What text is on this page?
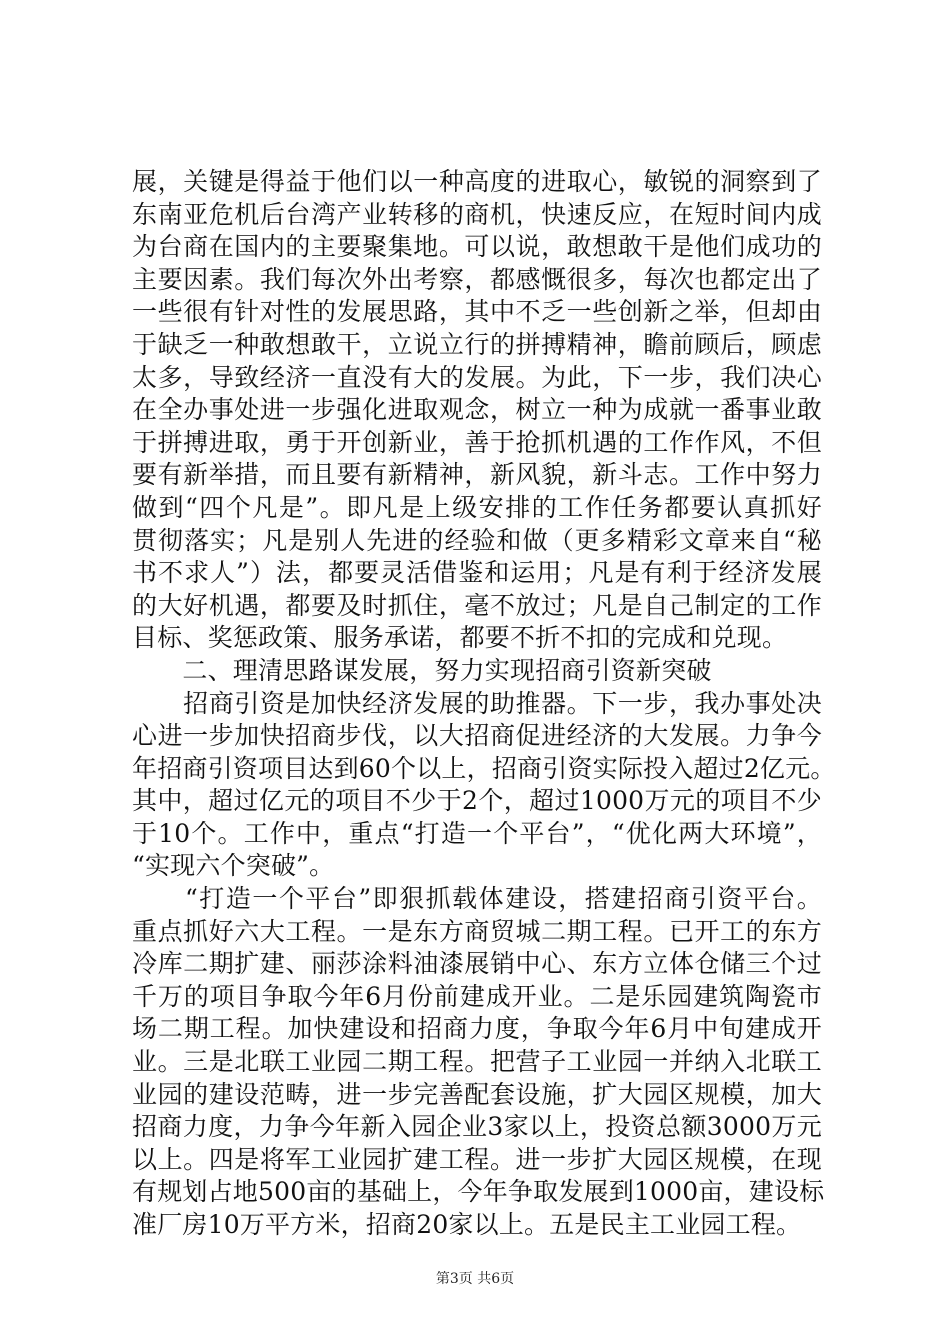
展，关键是得益于他们以一种高度的进取心，敏锐的洞察到了
东南亚危机后台湾产业转移的商机，快速反应，在短时间内成
为台商在国内的主要聚集地。可以说，敢想敢干是他们成功的
主要因素。我们每次外出考察，都感慨很多，每次也都定出了
一些很有针对性的发展思路，其中不乏一些创新之举，但却由
于缺乏一种敢想敢干，立说立行的拼搏精神，瞻前顾后，顾虑
太多，导致经济一直没有大的发展。为此，下一步，我们决心
在全办事处进一步强化进取观念，树立一种为成就一番事业敢
于拼搏进取，勇于开创新业，善于抢抓机遇的工作作风，不但
要有新举措，而且要有新精神，新风貌，新斗志。工作中努力
做到“四个凡是”。即凡是上级安排的工作任务都要认真抓好
贯彻落实；凡是别人先进的经验和做（更多精彩文章来自“秘
书不求人”）法，都要灵活借鉴和运用；凡是有利于经济发展
的大好机遇，都要及时抓住，毫不放过；凡是自己制定的工作
目标、奖惩政策、服务承诺，都要不折不扣的完成和兑现。
　　二、理清思路谋发展，努力实现招商引资新突破
　　招商引资是加快经济发展的助推器。下一步，我办事处决
心进一步加快招商步伐，以大招商促进经济的大发展。力争今
年招商引资项目达到60个以上，招商引资实际投入超过2亿元。
其中，超过亿元的项目不少于2个，超过1000万元的项目不少
于10个。工作中，重点“打造一个平台”，“优化两大环境”，
“实现六个突破”。
　　“打造一个平台”即狠抓载体建设，搭建招商引资平台。
重点抓好六大工程。一是东方商贸城二期工程。已开工的东方
冷库二期扩建、丽莎涂料油漆展销中心、东方立体仓储三个过
千万的项目争取今年6月份前建成开业。二是乐园建筑陶瓷市
场二期工程。加快建设和招商力度，争取今年6月中旬建成开
业。三是北联工业园二期工程。把营子工业园一并纳入北联工
业园的建设范畴，进一步完善配套设施，扩大园区规模，加大
招商力度，力争今年新入园企业3家以上，投资总额3000万元
以上。四是将军工业园扩建工程。进一步扩大园区规模，在现
有规划占地500亩的基础上，今年争取发展到1000亩，建设标
准厂房10万平方米，招商20家以上。五是民主工业园工程。
第3页 共6页
